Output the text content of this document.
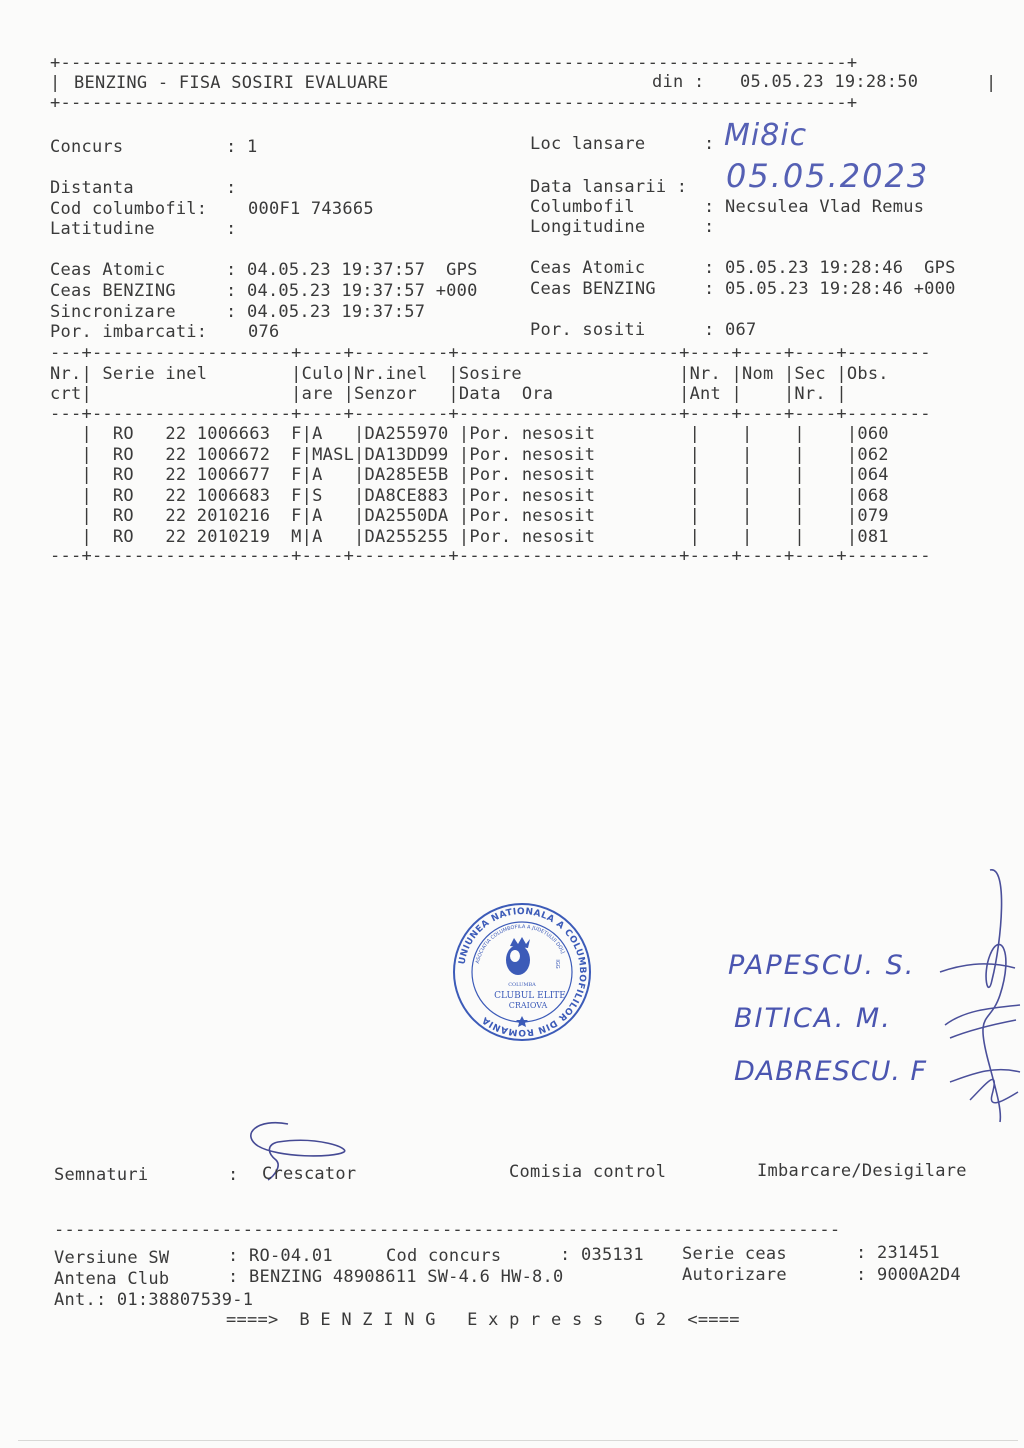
+---------------------------------------------------------------------------+
| BENZING - FISA SOSIRI EVALUARE	din : 05.05.23 19:28:50	|
+---------------------------------------------------------------------------+
Concurs	: 1	Loc lansare	: Mi8ic
Distanta	:	Data lansarii : 05.05.2023
Cod columbofil: 000F1 743665	Columbofil	: Necsulea Vlad Remus
Latitudine	:	Longitudine	:
Ceas Atomic	: 04.05.23 19:37:57  GPS	Ceas Atomic	: 05.05.23 19:28:46  GPS
Ceas BENZING	: 04.05.23 19:37:57 +000	Ceas BENZING	: 05.05.23 19:28:46 +000
Sincronizare	: 04.05.23 19:37:57
Por. imbarcati: 076	Por. sositi	: 067
---+-------------------+----+---------+---------------------+----+----+----+--------
Nr.| Serie inel        |Culo|Nr.inel  |Sosire               |Nr. |Nom |Sec |Obs.
crt|                   |are |Senzor   |Data  Ora            |Ant |    |Nr. |
---+-------------------+----+---------+---------------------+----+----+----+--------
|  RO   22 1006663  F|A   |DA255970 |Por. nesosit         |    |    |    |060
|  RO   22 1006672  F|MASL|DA13DD99 |Por. nesosit         |    |    |    |062
|  RO   22 1006677  F|A   |DA285E5B |Por. nesosit         |    |    |    |064
|  RO   22 1006683  F|S   |DA8CE883 |Por. nesosit         |    |    |    |068
|  RO   22 2010216  F|A   |DA2550DA |Por. nesosit         |    |    |    |079
|  RO   22 2010219  M|A   |DA255255 |Por. nesosit         |    |    |    |081
---+-------------------+----+---------+---------------------+----+----+----+--------
UNIUNEA NATIONALA A COLUMBOFILILOR DIN ROMANIA
ASOCIATIA COLUMBOFILA A JUDETULUI DOLJ
COLUMBA
CLUBUL ELITE
CRAIOVA
IGG	PAPESCU. S.
BITICA. M.
DABRESCU. F
Semnaturi	: Crescator	Comisia control	Imbarcare/Desigilare
---------------------------------------------------------------------------
Versiune SW	: RO-04.01	Cod concurs	: 035131 Serie ceas	: 231451
Antena Club	: BENZING 48908611 SW-4.6 HW-8.0	Autorizare	: 9000A2D4
Ant.: 01:38807539-1
====>  B E N Z I N G   E x p r e s s   G 2  <====
